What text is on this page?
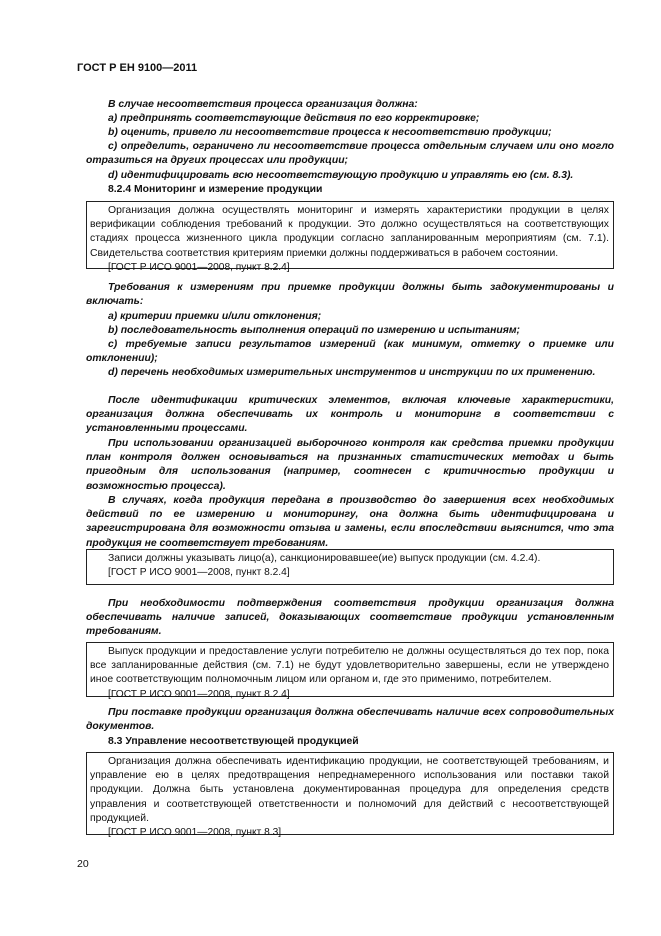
ГОСТ Р ЕН 9100—2011

В случае несоответствия процесса организация должна:

a) предпринять соответствующие действия по его корректировке;

b) оценить, привело ли несоответствие процесса к несоответствию продукции;

c) определить, ограничено ли несоответствие процесса отдельным случаем или оно могло отразиться на других процессах или продукции;

d) идентифицировать всю несоответствующую продукцию и управлять ею (см. 8.3).

8.2.4 Мониторинг и измерение продукции

Организация должна осуществлять мониторинг и измерять характеристики продукции в целях верификации соблюдения требований к продукции. Это должно осуществляться на соответствующих стадиях процесса жизненного цикла продукции согласно запланированным мероприятиям (см. 7.1). Свидетельства соответствия критериям приемки должны поддерживаться в рабочем состоянии.

[ГОСТ Р ИСО 9001—2008, пункт 8.2.4]

Требования к измерениям при приемке продукции должны быть задокументированы и включать:

a) критерии приемки и/или отклонения;

b) последовательность выполнения операций по измерению и испытаниям;

c) требуемые записи результатов измерений (как минимум, отметку о приемке или отклонении);

d) перечень необходимых измерительных инструментов и инструкции по их применению.

После идентификации критических элементов, включая ключевые характеристики, организация должна обеспечивать их контроль и мониторинг в соответствии с установленными процессами.

При использовании организацией выборочного контроля как средства приемки продукции план контроля должен основываться на признанных статистических методах и быть пригодным для использования (например, соотнесен с критичностью продукции и возможностью процесса).

В случаях, когда продукция передана в производство до завершения всех необходимых действий по ее измерению и мониторингу, она должна быть идентифицирована и зарегистрирована для возможности отзыва и замены, если впоследствии выяснится, что эта продукция не соответствует требованиям.

Записи должны указывать лицо(а), санкционировавшее(ие) выпуск продукции (см. 4.2.4).

[ГОСТ Р ИСО 9001—2008, пункт 8.2.4]

При необходимости подтверждения соответствия продукции организация должна обеспечивать наличие записей, доказывающих соответствие продукции установленным требованиям.

Выпуск продукции и предоставление услуги потребителю не должны осуществляться до тех пор, пока все запланированные действия (см. 7.1) не будут удовлетворительно завершены, если не утверждено иное соответствующим полномочным лицом или органом и, где это применимо, потребителем.

[ГОСТ Р ИСО 9001—2008, пункт 8.2.4]

При поставке продукции организация должна обеспечивать наличие всех сопроводительных документов.

8.3 Управление несоответствующей продукцией

Организация должна обеспечивать идентификацию продукции, не соответствующей требованиям, и управление ею в целях предотвращения непреднамеренного использования или поставки такой продукции. Должна быть установлена документированная процедура для определения средств управления и соответствующей ответственности и полномочий для действий с несоответствующей продукцией.

[ГОСТ Р ИСО 9001—2008, пункт 8.3]

20
